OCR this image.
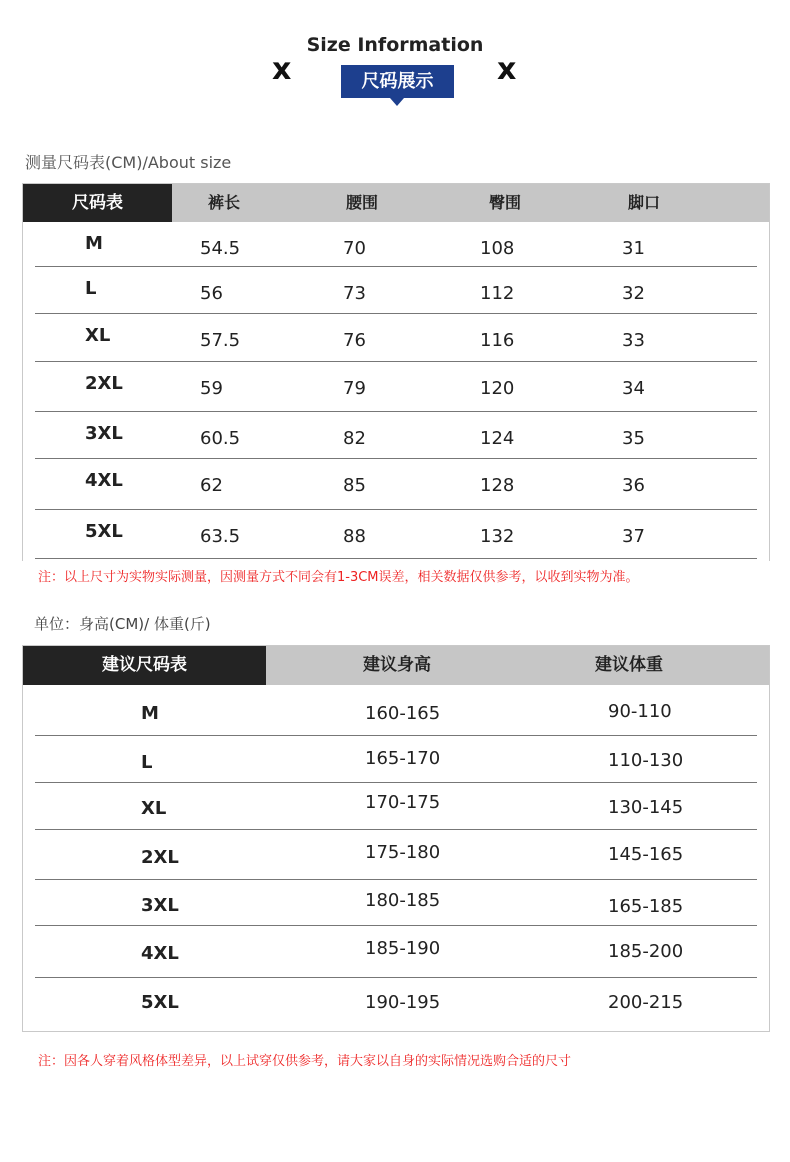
Size Information
x	x
尺码展示
测量尺码表(CM)/About size
尺码表	裤长	腰围	臀围	脚口
M	54.5	70	108	31
L	56	73	112	32
XL	57.5	76	116	33
2XL	59	79	120	34
3XL	60.5	82	124	35
4XL	62	85	128	36
5XL	63.5	88	132	37
注：以上尺寸为实物实际测量，因测量方式不同会有1-3CM误差，相关数据仅供参考，以收到实物为准。
单位：身高(CM)/ 体重(斤)
建议尺码表	建议身高	建议体重
M	160-165	90-110
L	165-170	110-130
XL	170-175	130-145
2XL	175-180	145-165
3XL	180-185	165-185
4XL	185-190	185-200
5XL	190-195	200-215
注：因各人穿着风格体型差异，以上试穿仅供参考，请大家以自身的实际情况选购合适的尺寸
